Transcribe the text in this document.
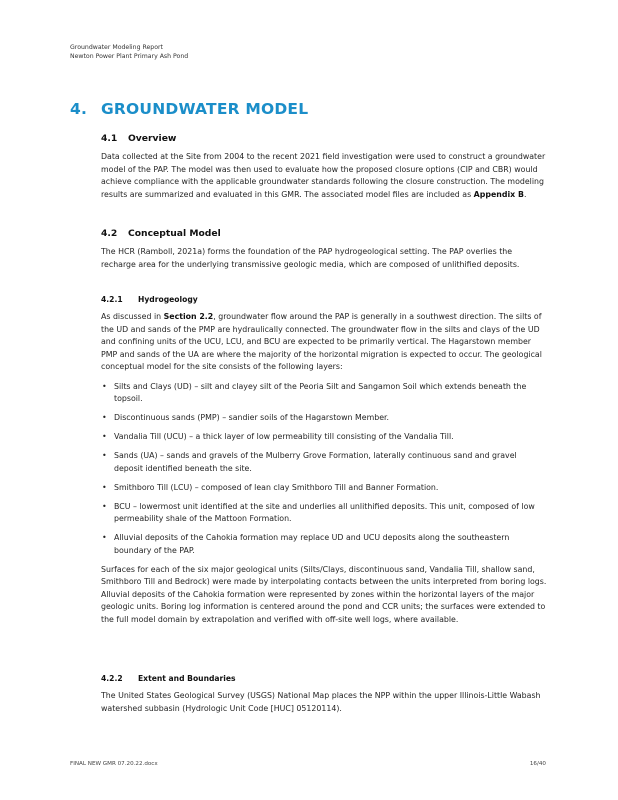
Groundwater Modeling Report
Newton Power Plant Primary Ash Pond
4. GROUNDWATER MODEL
4.1 Overview

Data collected at the Site from 2004 to the recent 2021 field investigation were used to construct a groundwater model of the PAP. The model was then used to evaluate how the proposed closure options (CIP and CBR) would achieve compliance with the applicable groundwater standards following the closure construction. The modeling results are summarized and evaluated in this GMR. The associated model files are included as Appendix B.

4.2 Conceptual Model

The HCR (Ramboll, 2021a) forms the foundation of the PAP hydrogeological setting. The PAP overlies the recharge area for the underlying transmissive geologic media, which are composed of unlithified deposits.

4.2.1 Hydrogeology

As discussed in Section 2.2, groundwater flow around the PAP is generally in a southwest direction. The silts of the UD and sands of the PMP are hydraulically connected. The groundwater flow in the silts and clays of the UD and confining units of the UCU, LCU, and BCU are expected to be primarily vertical. The Hagarstown member PMP and sands of the UA are where the majority of the horizontal migration is expected to occur. The geological conceptual model for the site consists of the following layers:

• Silts and Clays (UD) – silt and clayey silt of the Peoria Silt and Sangamon Soil which extends beneath the topsoil.
• Discontinuous sands (PMP) – sandier soils of the Hagarstown Member.
• Vandalia Till (UCU) – a thick layer of low permeability till consisting of the Vandalia Till.
• Sands (UA) – sands and gravels of the Mulberry Grove Formation, laterally continuous sand and gravel deposit identified beneath the site.
• Smithboro Till (LCU) – composed of lean clay Smithboro Till and Banner Formation.
• BCU – lowermost unit identified at the site and underlies all unlithified deposits. This unit, composed of low permeability shale of the Mattoon Formation.
• Alluvial deposits of the Cahokia formation may replace UD and UCU deposits along the southeastern boundary of the PAP.

Surfaces for each of the six major geological units (Silts/Clays, discontinuous sand, Vandalia Till, shallow sand, Smithboro Till and Bedrock) were made by interpolating contacts between the units interpreted from boring logs. Alluvial deposits of the Cahokia formation were represented by zones within the horizontal layers of the major geologic units. Boring log information is centered around the pond and CCR units; the surfaces were extended to the full model domain by extrapolation and verified with off-site well logs, where available.

4.2.2 Extent and Boundaries

The United States Geological Survey (USGS) National Map places the NPP within the upper Illinois-Little Wabash watershed subbasin (Hydrologic Unit Code [HUC] 05120114).

FINAL NEW GMR 07.20.22.docx	16/40
